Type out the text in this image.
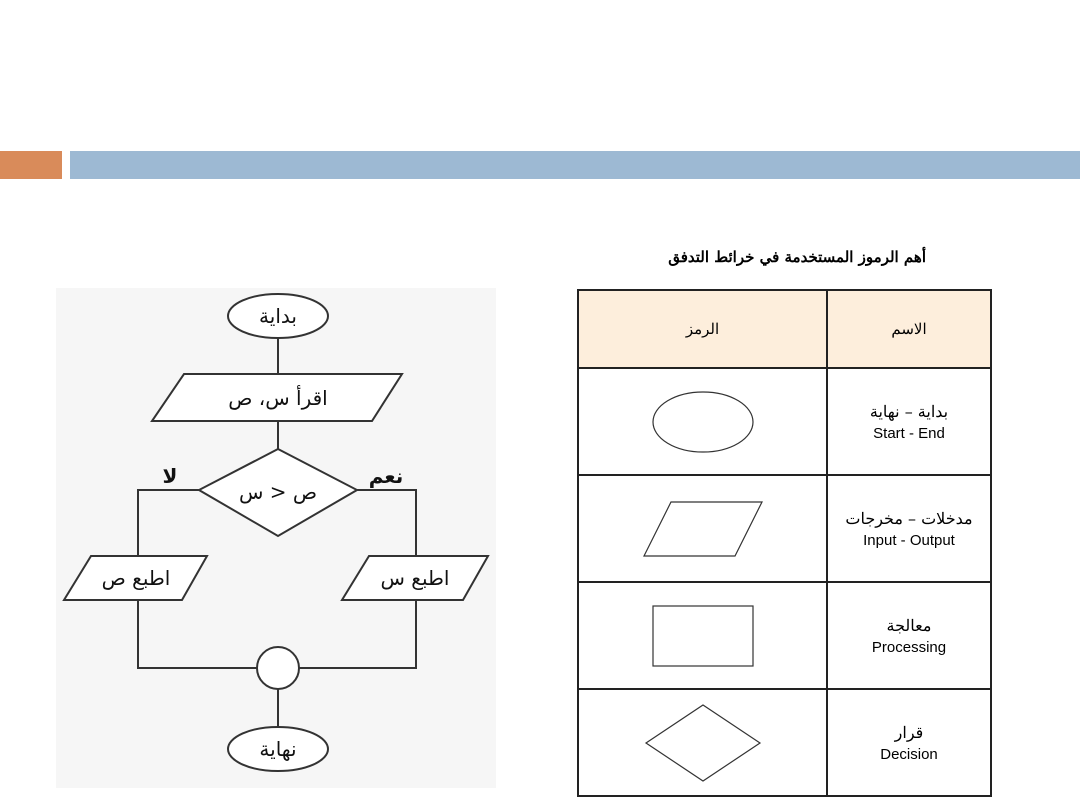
بداية
اقرأ س، ص
ص < س
نعم
لا
اطبع س
اطبع ص
نهاية
أهم الرموز المستخدمة في خرائط التدفق
الرمز	الاسم

بداية – نهاية
Start - End

مدخلات – مخرجات
Input - Output

معالجة
Processing

قرار
Decision
